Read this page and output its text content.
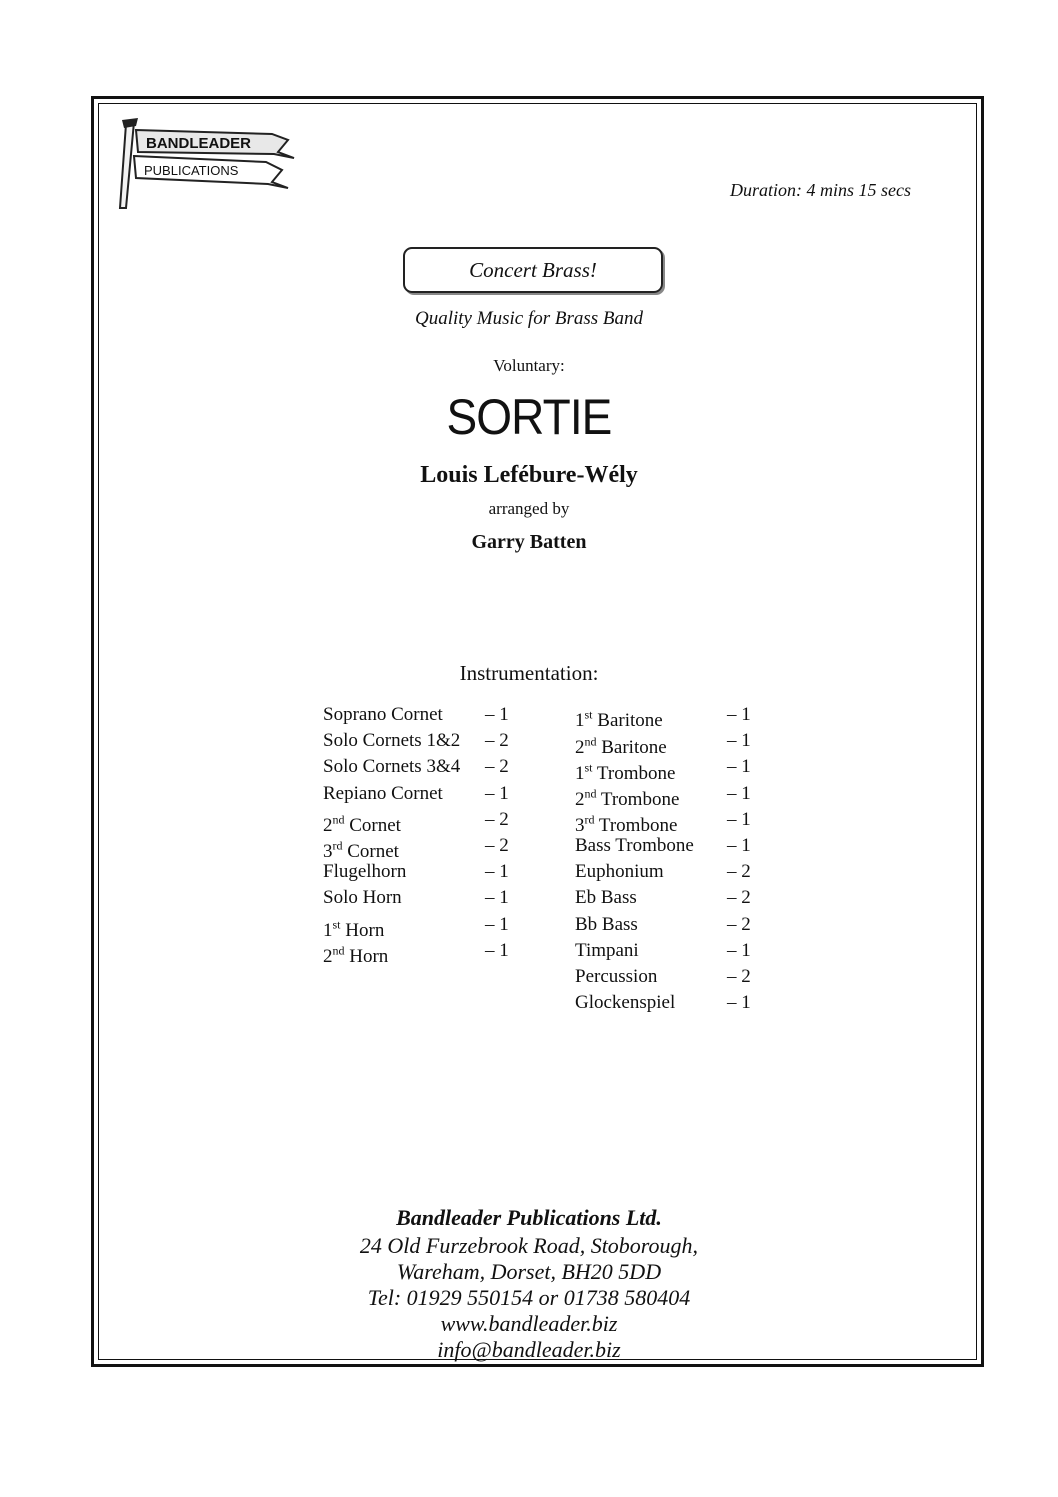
BANDLEADER
PUBLICATIONS
Duration: 4 mins 15 secs
Concert Brass!
Quality Music for Brass Band
Voluntary:
SORTIE
Louis Lefébure-Wély
arranged by
Garry Batten
Instrumentation:
Soprano Cornet – 1
Solo Cornets 1&2 – 2
Solo Cornets 3&4 – 2
Repiano Cornet – 1
2nd Cornet	– 2
3rd Cornet	– 2
Flugelhorn	– 1
Solo Horn	– 1
1st Horn	– 1
2nd Horn	– 1
1st Baritone	– 1
2nd Baritone	– 1
1st Trombone	– 1
2nd Trombone	– 1
3rd Trombone	– 1
Bass Trombone – 1
Euphonium	– 2
Eb Bass	– 2
Bb Bass	– 2
Timpani	– 1
Percussion	– 2
Glockenspiel	– 1
Bandleader Publications Ltd.
24 Old Furzebrook Road, Stoborough,
Wareham, Dorset, BH20 5DD
Tel: 01929 550154 or 01738 580404
www.bandleader.biz
info@bandleader.biz
